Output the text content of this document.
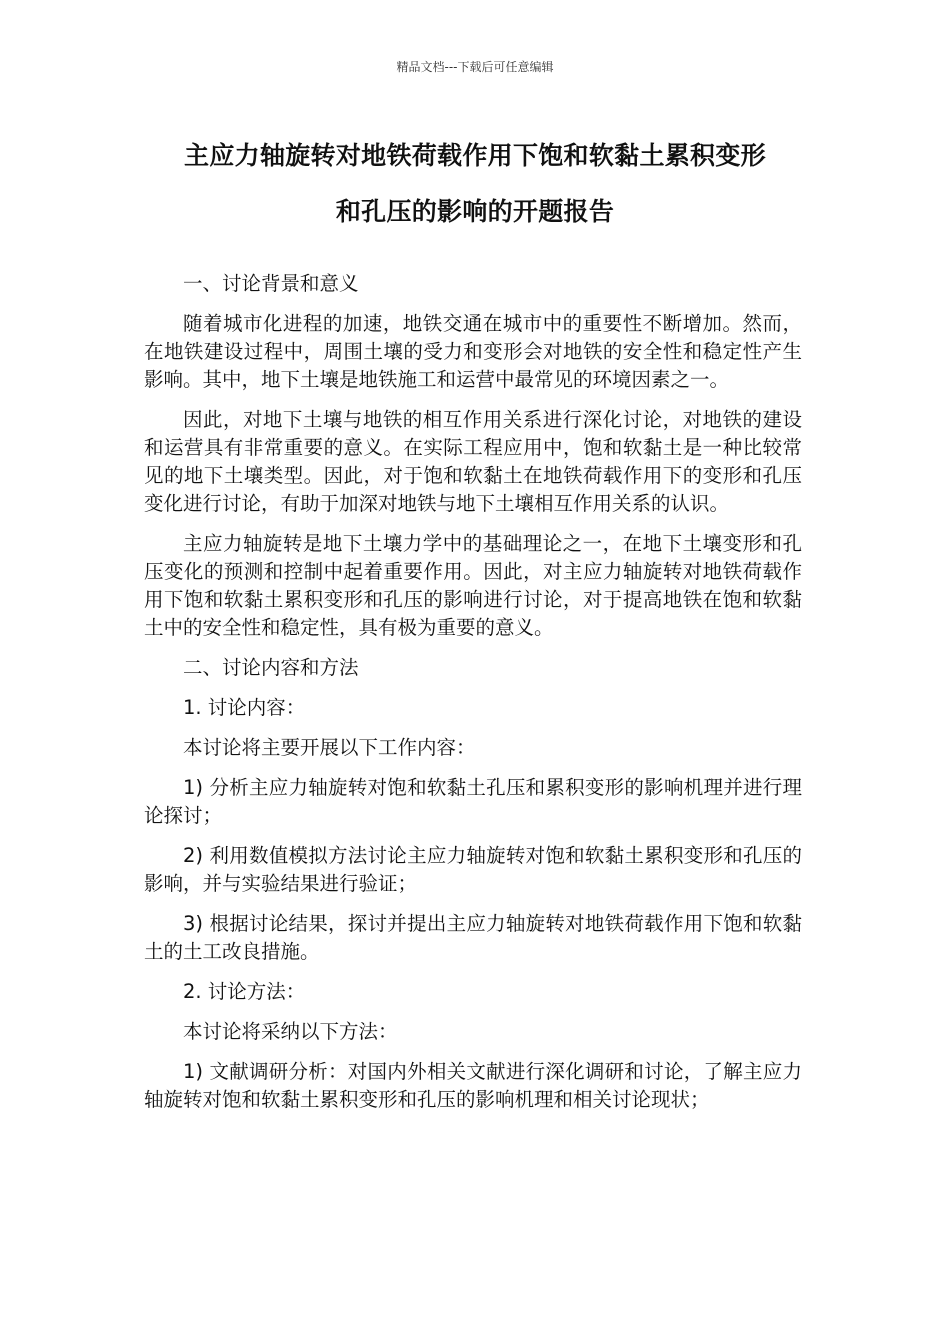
精品文档---下载后可任意编辑
主应力轴旋转对地铁荷载作用下饱和软黏土累积变形
和孔压的影响的开题报告

一、讨论背景和意义

随着城市化进程的加速，地铁交通在城市中的重要性不断增加。然而，在地铁建设过程中，周围土壤的受力和变形会对地铁的安全性和稳定性产生影响。其中，地下土壤是地铁施工和运营中最常见的环境因素之一。

因此，对地下土壤与地铁的相互作用关系进行深化讨论，对地铁的建设和运营具有非常重要的意义。在实际工程应用中，饱和软黏土是一种比较常见的地下土壤类型。因此，对于饱和软黏土在地铁荷载作用下的变形和孔压变化进行讨论，有助于加深对地铁与地下土壤相互作用关系的认识。

主应力轴旋转是地下土壤力学中的基础理论之一，在地下土壤变形和孔压变化的预测和控制中起着重要作用。因此，对主应力轴旋转对地铁荷载作用下饱和软黏土累积变形和孔压的影响进行讨论，对于提高地铁在饱和软黏土中的安全性和稳定性，具有极为重要的意义。

二、讨论内容和方法

1. 讨论内容：

本讨论将主要开展以下工作内容：

1) 分析主应力轴旋转对饱和软黏土孔压和累积变形的影响机理并进行理论探讨；

2) 利用数值模拟方法讨论主应力轴旋转对饱和软黏土累积变形和孔压的影响，并与实验结果进行验证；

3) 根据讨论结果，探讨并提出主应力轴旋转对地铁荷载作用下饱和软黏土的土工改良措施。

2. 讨论方法：

本讨论将采纳以下方法：

1) 文献调研分析：对国内外相关文献进行深化调研和讨论，了解主应力轴旋转对饱和软黏土累积变形和孔压的影响机理和相关讨论现状；
